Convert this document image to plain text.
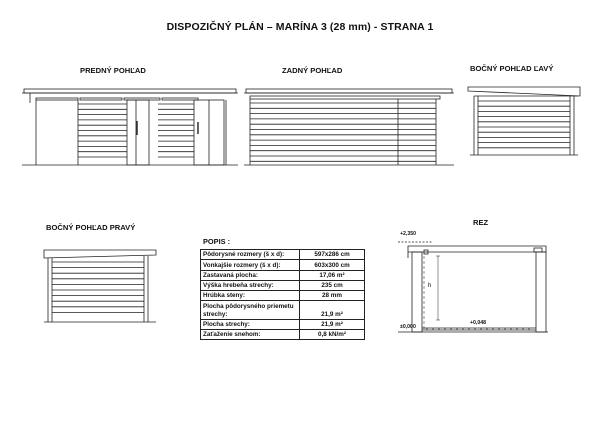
DISPOZIČNÝ PLÁN – MARÍNA 3 (28 mm) - STRANA 1
PREDNÝ POHĽAD	ZADNÝ POHĽAD	BOČNÝ POHĽAD ĽAVÝ
BOČNÝ POHĽAD PRAVÝ
REZ
+2,350
±0,000
+0,048
h
POPIS :
Pôdorysné rozmery (š x d):	597x286 cm
Vonkajšie rozmery (š x d):	603x300 cm
Zastavaná plocha:	17,06 m²
Výška hrebeňa strechy:	235 cm
Hrúbka steny:	28 mm
Plocha pôdorysného priemetu strechy:	21,9 m²
Plocha strechy:	21,9 m²
Zaťaženie snehom:	0,8 kN/m²
